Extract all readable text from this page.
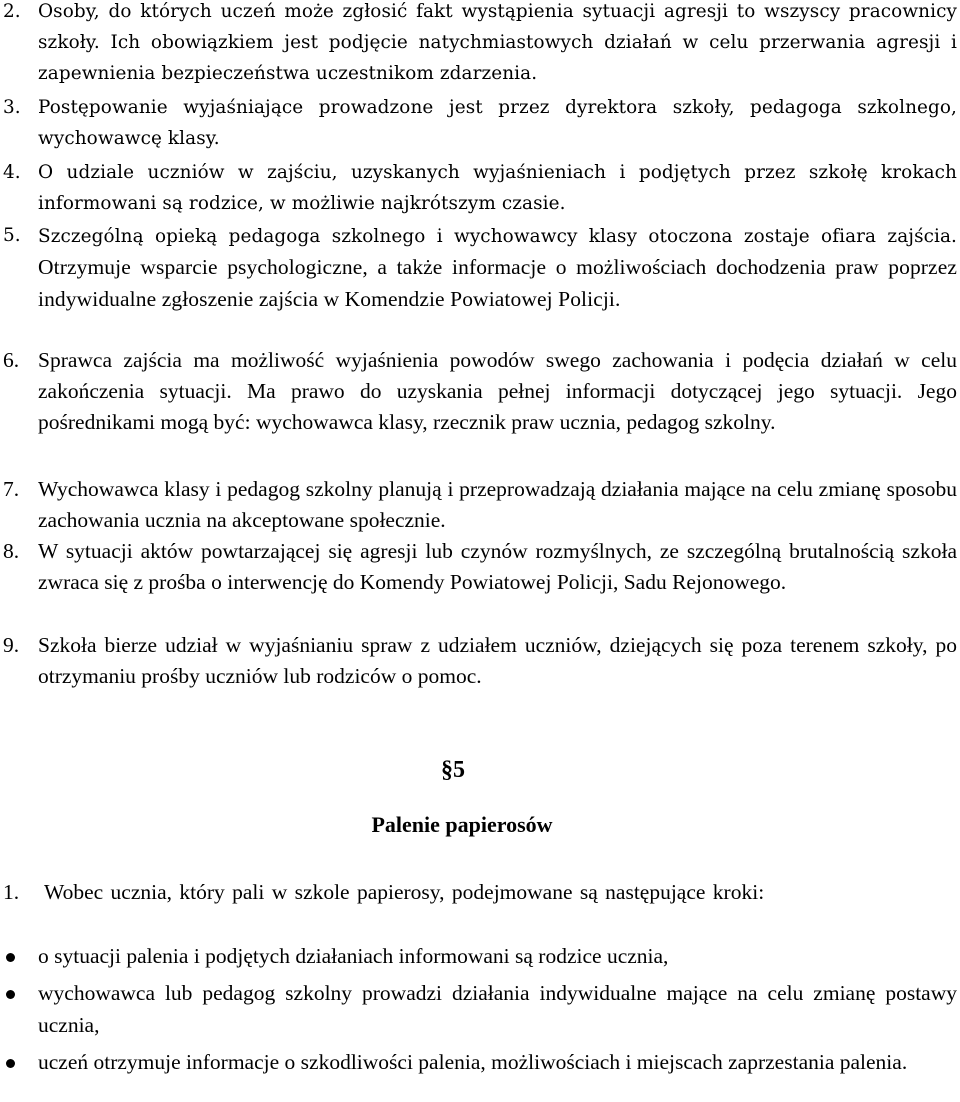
2. Osoby, do których uczeń może zgłosić fakt wystąpienia sytuacji agresji to wszyscy pracownicy szkoły. Ich obowiązkiem jest podjęcie natychmiastowych działań w celu przerwania agresji i zapewnienia bezpieczeństwa uczestnikom zdarzenia.
3. Postępowanie wyjaśniające prowadzone jest przez dyrektora szkoły, pedagoga szkolnego, wychowawcę klasy.
4. O udziale uczniów w zajściu, uzyskanych wyjaśnieniach i podjętych przez szkołę krokach informowani są rodzice, w możliwie najkrótszym czasie.
5. Szczególną opieką pedagoga szkolnego i wychowawcy klasy otoczona zostaje ofiara zajścia. Otrzymuje wsparcie psychologiczne, a także informacje o możliwościach dochodzenia praw poprzez indywidualne zgłoszenie zajścia w Komendzie Powiatowej Policji.
6. Sprawca zajścia ma możliwość wyjaśnienia powodów swego zachowania i podęcia działań w celu zakończenia sytuacji. Ma prawo do uzyskania pełnej informacji dotyczącej jego sytuacji. Jego pośrednikami mogą być: wychowawca klasy, rzecznik praw ucznia, pedagog szkolny.
7. Wychowawca klasy i pedagog szkolny planują i przeprowadzają działania mające na celu zmianę sposobu zachowania ucznia na akceptowane społecznie.
8. W sytuacji aktów powtarzającej się agresji lub czynów rozmyślnych, ze szczególną brutalnością szkoła zwraca się z prośba o interwencję do Komendy Powiatowej Policji, Sadu Rejonowego.
9. Szkoła bierze udział w wyjaśnianiu spraw z udziałem uczniów, dziejących się poza terenem szkoły, po otrzymaniu prośby uczniów lub rodziców o pomoc.
§5
Palenie papierosów
1. Wobec ucznia, który pali w szkole papierosy, podejmowane są następujące kroki:
o sytuacji palenia i podjętych działaniach informowani są rodzice ucznia,
wychowawca lub pedagog szkolny prowadzi działania indywidualne mające na celu zmianę postawy ucznia,
uczeń otrzymuje informacje o szkodliwości palenia, możliwościach i miejscach zaprzestania palenia.
